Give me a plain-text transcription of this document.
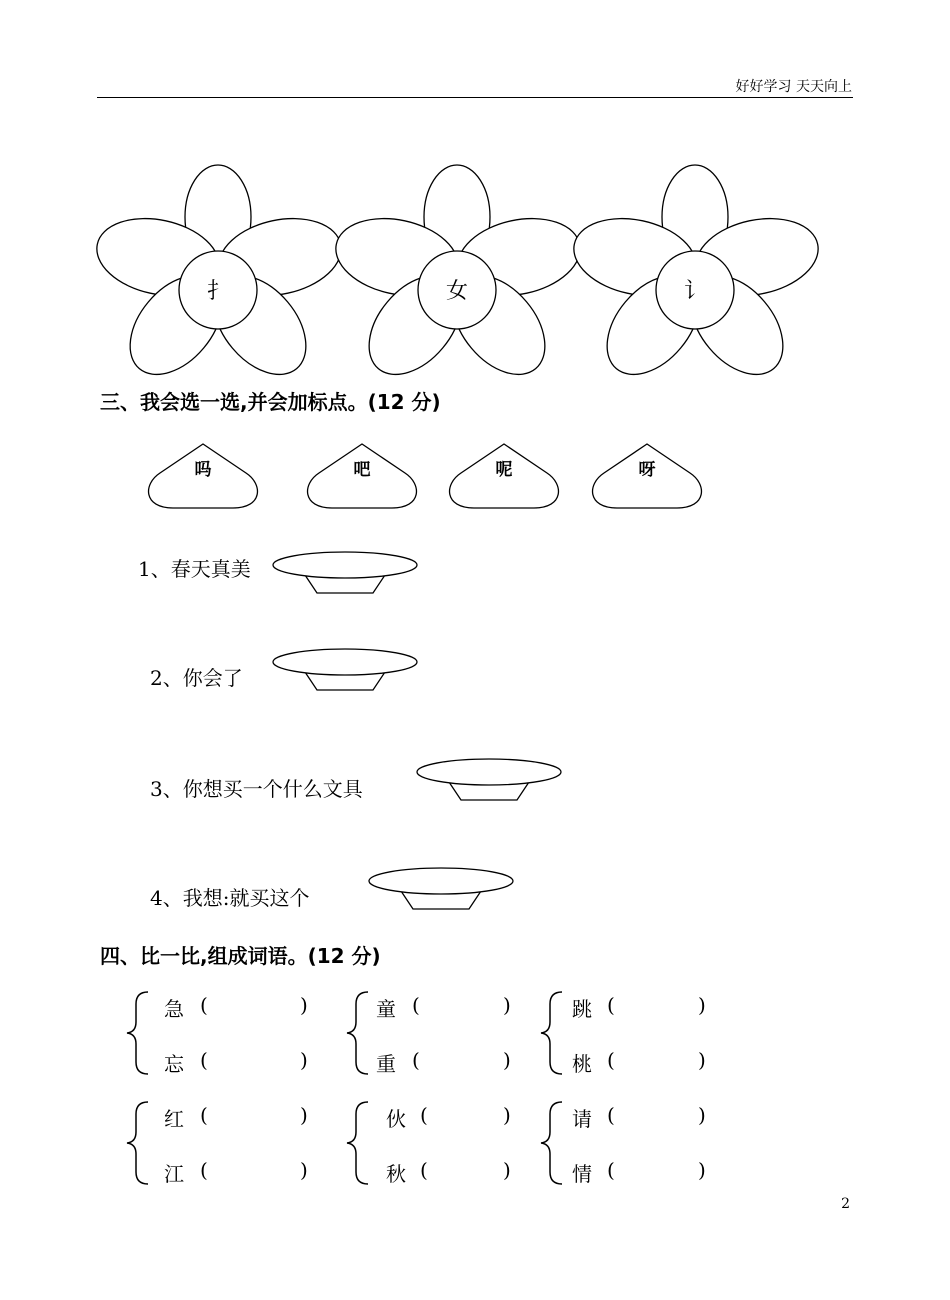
好好学习 天天向上
扌	女	讠
吗	吧	呢	呀
三、我会选一选,并会加标点。(12 分)
1、春天真美
2、你会了
3、你想买一个什么文具
4、我想:就买这个
四、比一比,组成词语。(12 分)
急 (	)
忘 (	)
童 (	)
重 (	)
跳 (	)
桃 (	)
红 (	)
江 (	)
伙 (	)
秋 (	)
请 (	)
情 (	)
2
